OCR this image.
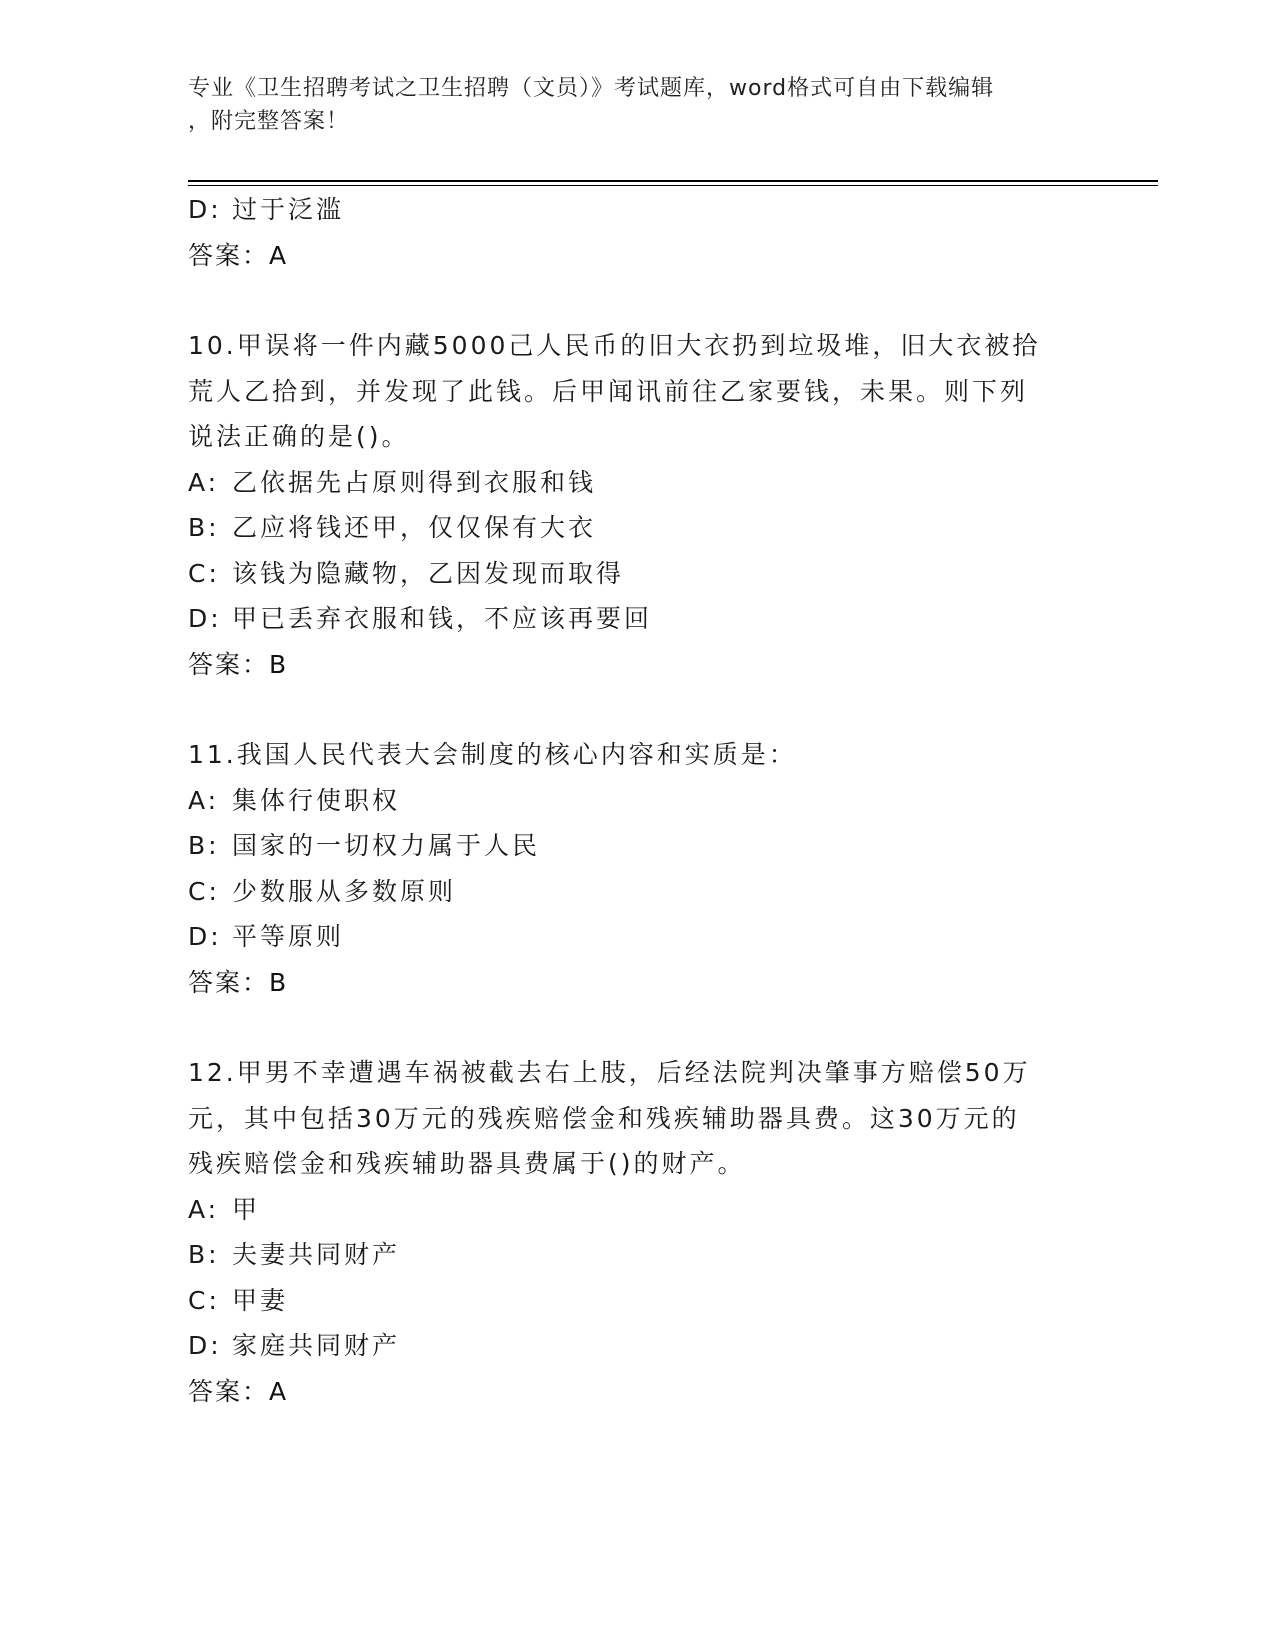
专业《卫生招聘考试之卫生招聘（文员）》考试题库，word格式可自由下载编辑
，附完整答案！
D: 过于泛滥
答案：A
10.甲误将一件内藏5000己人民币的旧大衣扔到垃圾堆，旧大衣被拾
荒人乙拾到，并发现了此钱。后甲闻讯前往乙家要钱，未果。则下列
说法正确的是()。
A: 乙依据先占原则得到衣服和钱
B: 乙应将钱还甲，仅仅保有大衣
C: 该钱为隐藏物，乙因发现而取得
D: 甲已丢弃衣服和钱，不应该再要回
答案：B
11.我国人民代表大会制度的核心内容和实质是：
A: 集体行使职权
B: 国家的一切权力属于人民
C: 少数服从多数原则
D: 平等原则
答案：B
12.甲男不幸遭遇车祸被截去右上肢，后经法院判决肇事方赔偿50万
元，其中包括30万元的残疾赔偿金和残疾辅助器具费。这30万元的
残疾赔偿金和残疾辅助器具费属于()的财产。
A: 甲
B: 夫妻共同财产
C: 甲妻
D: 家庭共同财产
答案：A
